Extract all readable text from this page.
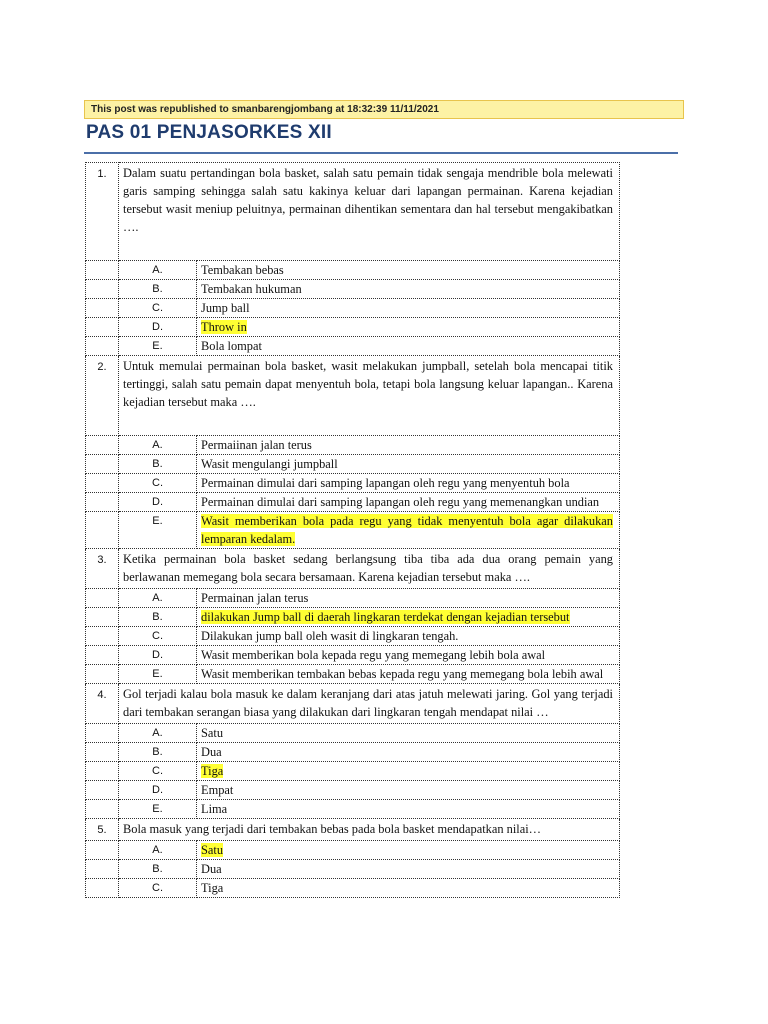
This post was republished to smanbarengjombang at 18:32:39 11/11/2021
PAS 01 PENJASORKES XII
1.	Dalam suatu pertandingan bola basket, salah satu pemain tidak sengaja mendrible bola melewati garis samping sehingga salah satu kakinya keluar dari lapangan permainan. Karena kejadian tersebut wasit meniup peluitnya, permainan dihentikan sementara dan hal tersebut mengakibatkan ….	
	A.	Tembakan bebas
	B.	Tembakan hukuman
	C.	Jump ball
	D.	Throw in
	E.	Bola lompat
2.	Untuk memulai permainan bola basket, wasit melakukan jumpball, setelah bola mencapai titik tertinggi, salah satu pemain dapat menyentuh bola, tetapi bola langsung keluar lapangan.. Karena kejadian tersebut maka ….	
	A.	Permaiinan jalan terus
	B.	Wasit mengulangi jumpball
	C.	Permainan dimulai dari samping lapangan oleh regu yang menyentuh bola
	D.	Permainan dimulai dari samping lapangan oleh regu yang memenangkan undian
	E.	Wasit memberikan bola pada regu yang tidak menyentuh bola agar dilakukan lemparan kedalam.
3.	Ketika permainan bola basket sedang berlangsung tiba tiba ada dua orang pemain yang berlawanan memegang bola secara bersamaan. Karena kejadian tersebut maka ….	
	A.	Permainan jalan terus
	B.	dilakukan Jump ball di daerah lingkaran terdekat dengan kejadian tersebut
	C.	Dilakukan jump ball oleh wasit di lingkaran tengah.
	D.	Wasit memberikan bola kepada regu yang memegang lebih bola awal
	E.	Wasit memberikan tembakan bebas kepada regu yang memegang bola lebih awal
4.	Gol terjadi kalau bola masuk ke dalam keranjang dari atas jatuh melewati jaring. Gol yang terjadi dari tembakan serangan biasa yang dilakukan dari lingkaran tengah mendapat nilai …	
	A.	Satu
	B.	Dua
	C.	Tiga
	D.	Empat
	E.	Lima
5.	Bola masuk yang terjadi dari tembakan bebas pada bola basket mendapatkan nilai…	
	A.	Satu
	B.	Dua
	C.	Tiga
